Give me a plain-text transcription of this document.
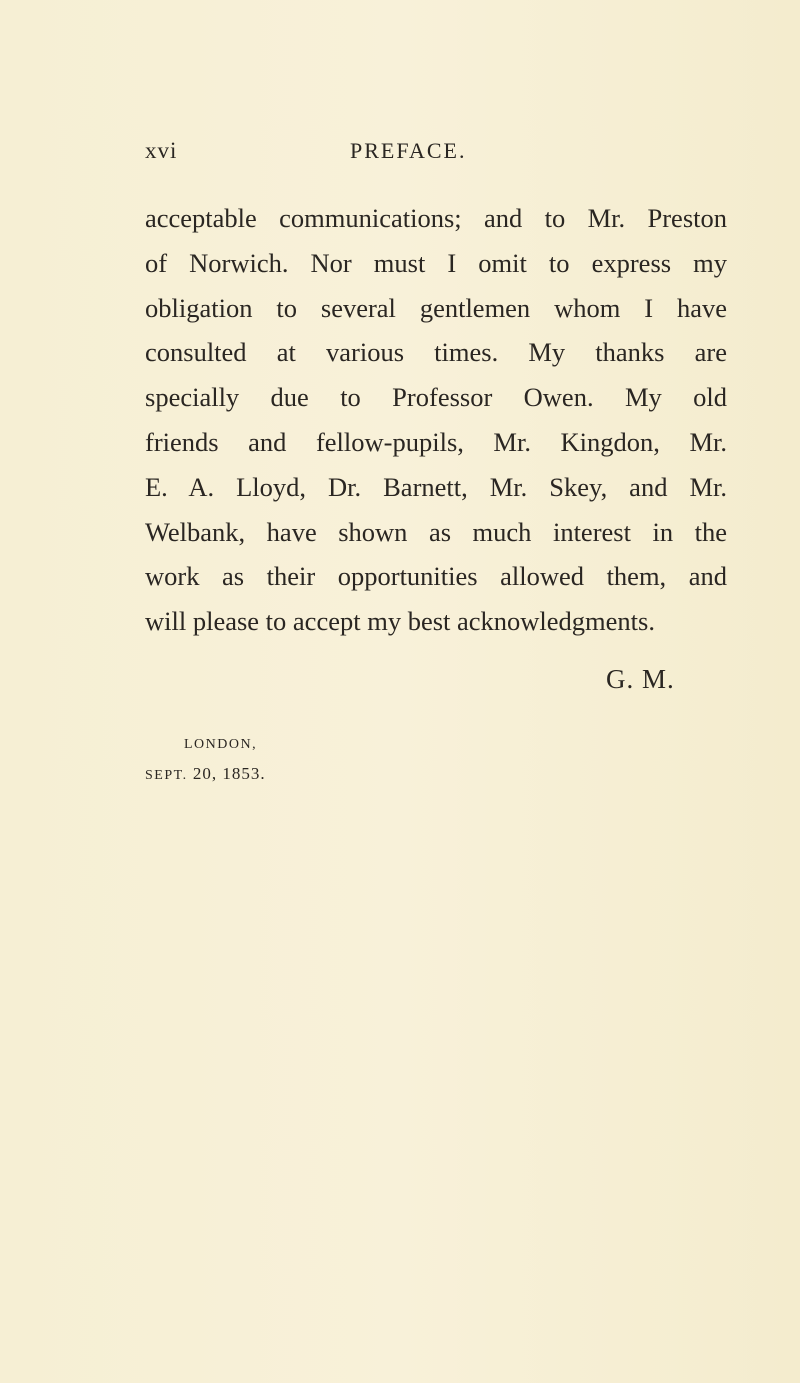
xvi	PREFACE.
acceptable communications; and to Mr. Preston
of Norwich. Nor must I omit to express my
obligation to several gentlemen whom I have
consulted at various times. My thanks are
specially due to Professor Owen. My old
friends and fellow-pupils, Mr. Kingdon, Mr.
E. A. Lloyd, Dr. Barnett, Mr. Skey, and Mr.
Welbank, have shown as much interest in the
work as their opportunities allowed them, and
will please to accept my best acknowledgments.
G. M.
LONDON,
SEPT. 20, 1853.
